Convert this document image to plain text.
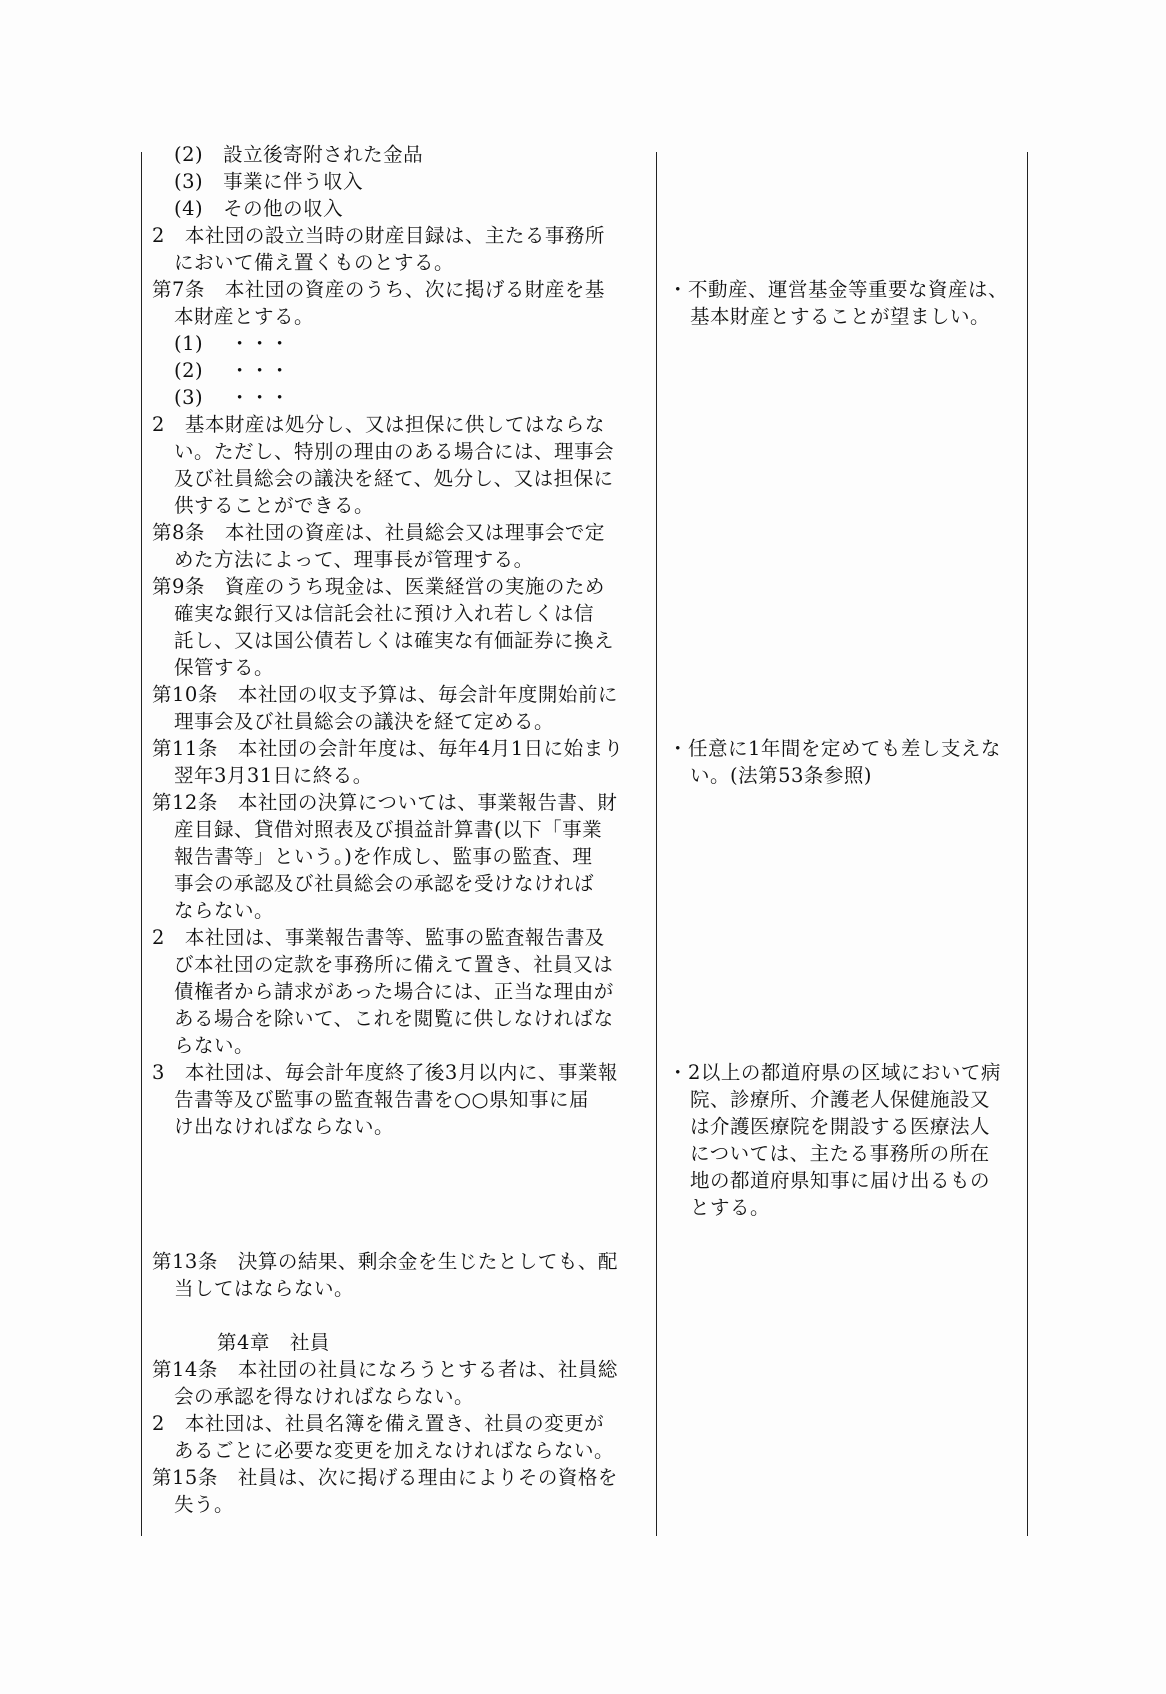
(2)　設立後寄附された金品
(3)　事業に伴う収入
(4)　その他の収入
2　本社団の設立当時の財産目録は、主たる事務所
において備え置くものとする。
第7条　本社団の資産のうち、次に掲げる財産を基
本財産とする。
(1)　 ・・・
(2)　 ・・・
(3)　 ・・・
2　基本財産は処分し、又は担保に供してはならな
い。ただし、特別の理由のある場合には、理事会
及び社員総会の議決を経て、処分し、又は担保に
供することができる。
第8条　本社団の資産は、社員総会又は理事会で定
めた方法によって、理事長が管理する。
第9条　資産のうち現金は、医業経営の実施のため
確実な銀行又は信託会社に預け入れ若しくは信
託し、又は国公債若しくは確実な有価証券に換え
保管する。
第10条　本社団の収支予算は、毎会計年度開始前に
理事会及び社員総会の議決を経て定める。
第11条　本社団の会計年度は、毎年4月1日に始まり
翌年3月31日に終る。
第12条　本社団の決算については、事業報告書、財
産目録、貸借対照表及び損益計算書(以下「事業
報告書等」という。)を作成し、監事の監査、理
事会の承認及び社員総会の承認を受けなければ
ならない。
2　本社団は、事業報告書等、監事の監査報告書及
び本社団の定款を事務所に備えて置き、社員又は
債権者から請求があった場合には、正当な理由が
ある場合を除いて、これを閲覧に供しなければな
らない。
3　本社団は、毎会計年度終了後3月以内に、事業報
告書等及び監事の監査報告書を○○県知事に届
け出なければならない。
第13条　決算の結果、剰余金を生じたとしても、配
当してはならない。
第4章　社員
第14条　本社団の社員になろうとする者は、社員総
会の承認を得なければならない。
2　本社団は、社員名簿を備え置き、社員の変更が
あるごとに必要な変更を加えなければならない。
第15条　社員は、次に掲げる理由によりその資格を
失う。
・不動産、運営基金等重要な資産は、
基本財産とすることが望ましい。
・任意に1年間を定めても差し支えな
い。(法第53条参照)
・2以上の都道府県の区域において病
院、診療所、介護老人保健施設又
は介護医療院を開設する医療法人
については、主たる事務所の所在
地の都道府県知事に届け出るもの
とする。
